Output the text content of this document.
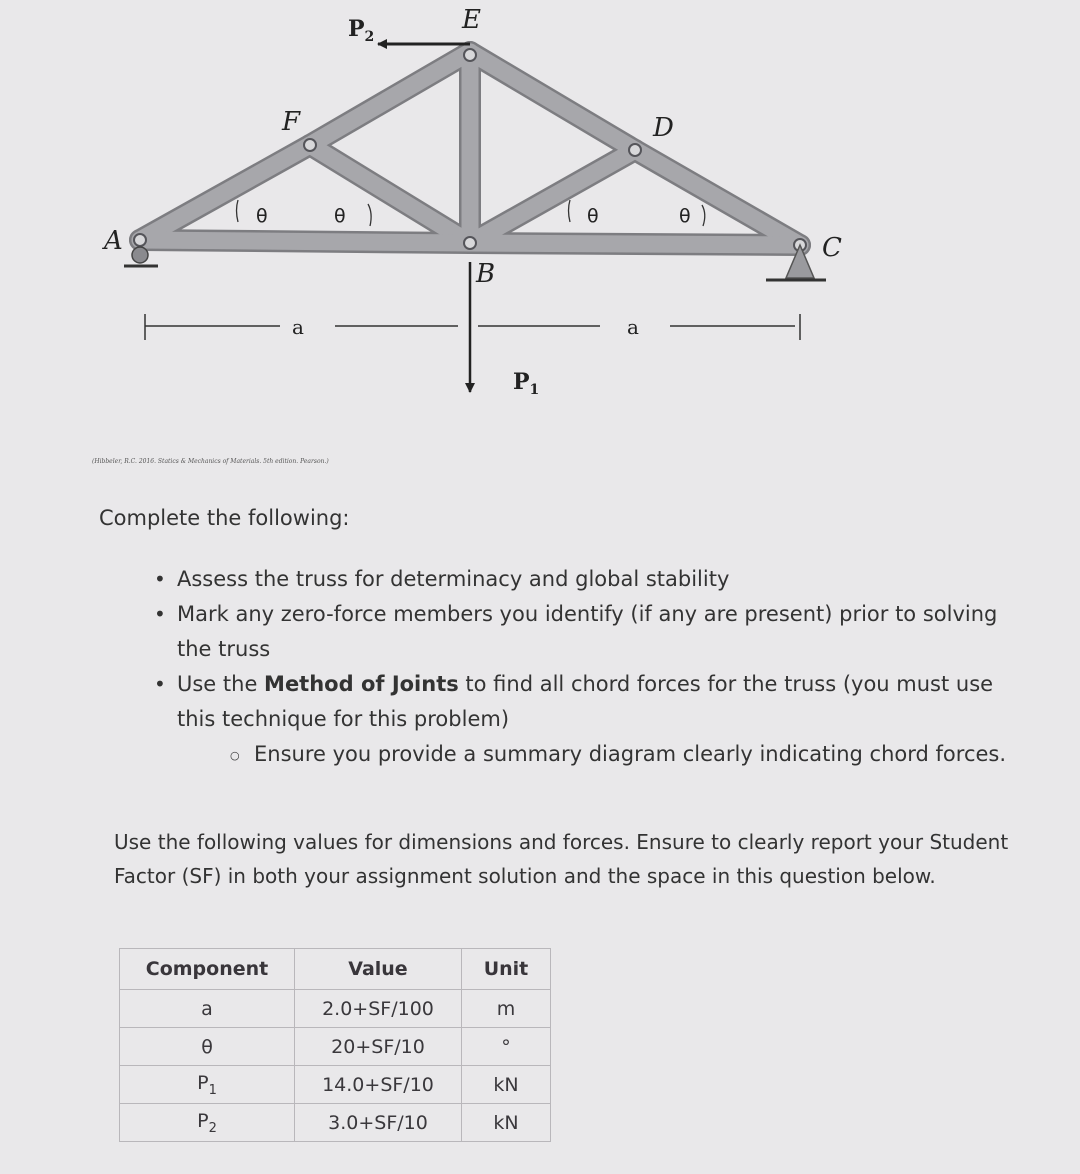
A
F
E
D
C
B
θ	θ	θ	θ
a	a
$P_1$
$P_2$
(Hibbeler, R.C. 2016. Statics & Mechanics of Materials. 5th edition. Pearson.)
Complete the following:
• Assess the truss for determinacy and global stability
• Mark any zero-force members you identify (if any are present) prior to solving the truss
• Use the Method of Joints to find all chord forces for the truss (you must use this technique for this problem)
○ Ensure you provide a summary diagram clearly indicating chord forces.
Use the following values for dimensions and forces. Ensure to clearly report your Student Factor (SF) in both your assignment solution and the space in this question below.
Component	Value	Unit
a	2.0+SF/100	m
θ	20+SF/10	°
$P_1$	14.0+SF/10	kN
$P_2$	3.0+SF/10	kN
